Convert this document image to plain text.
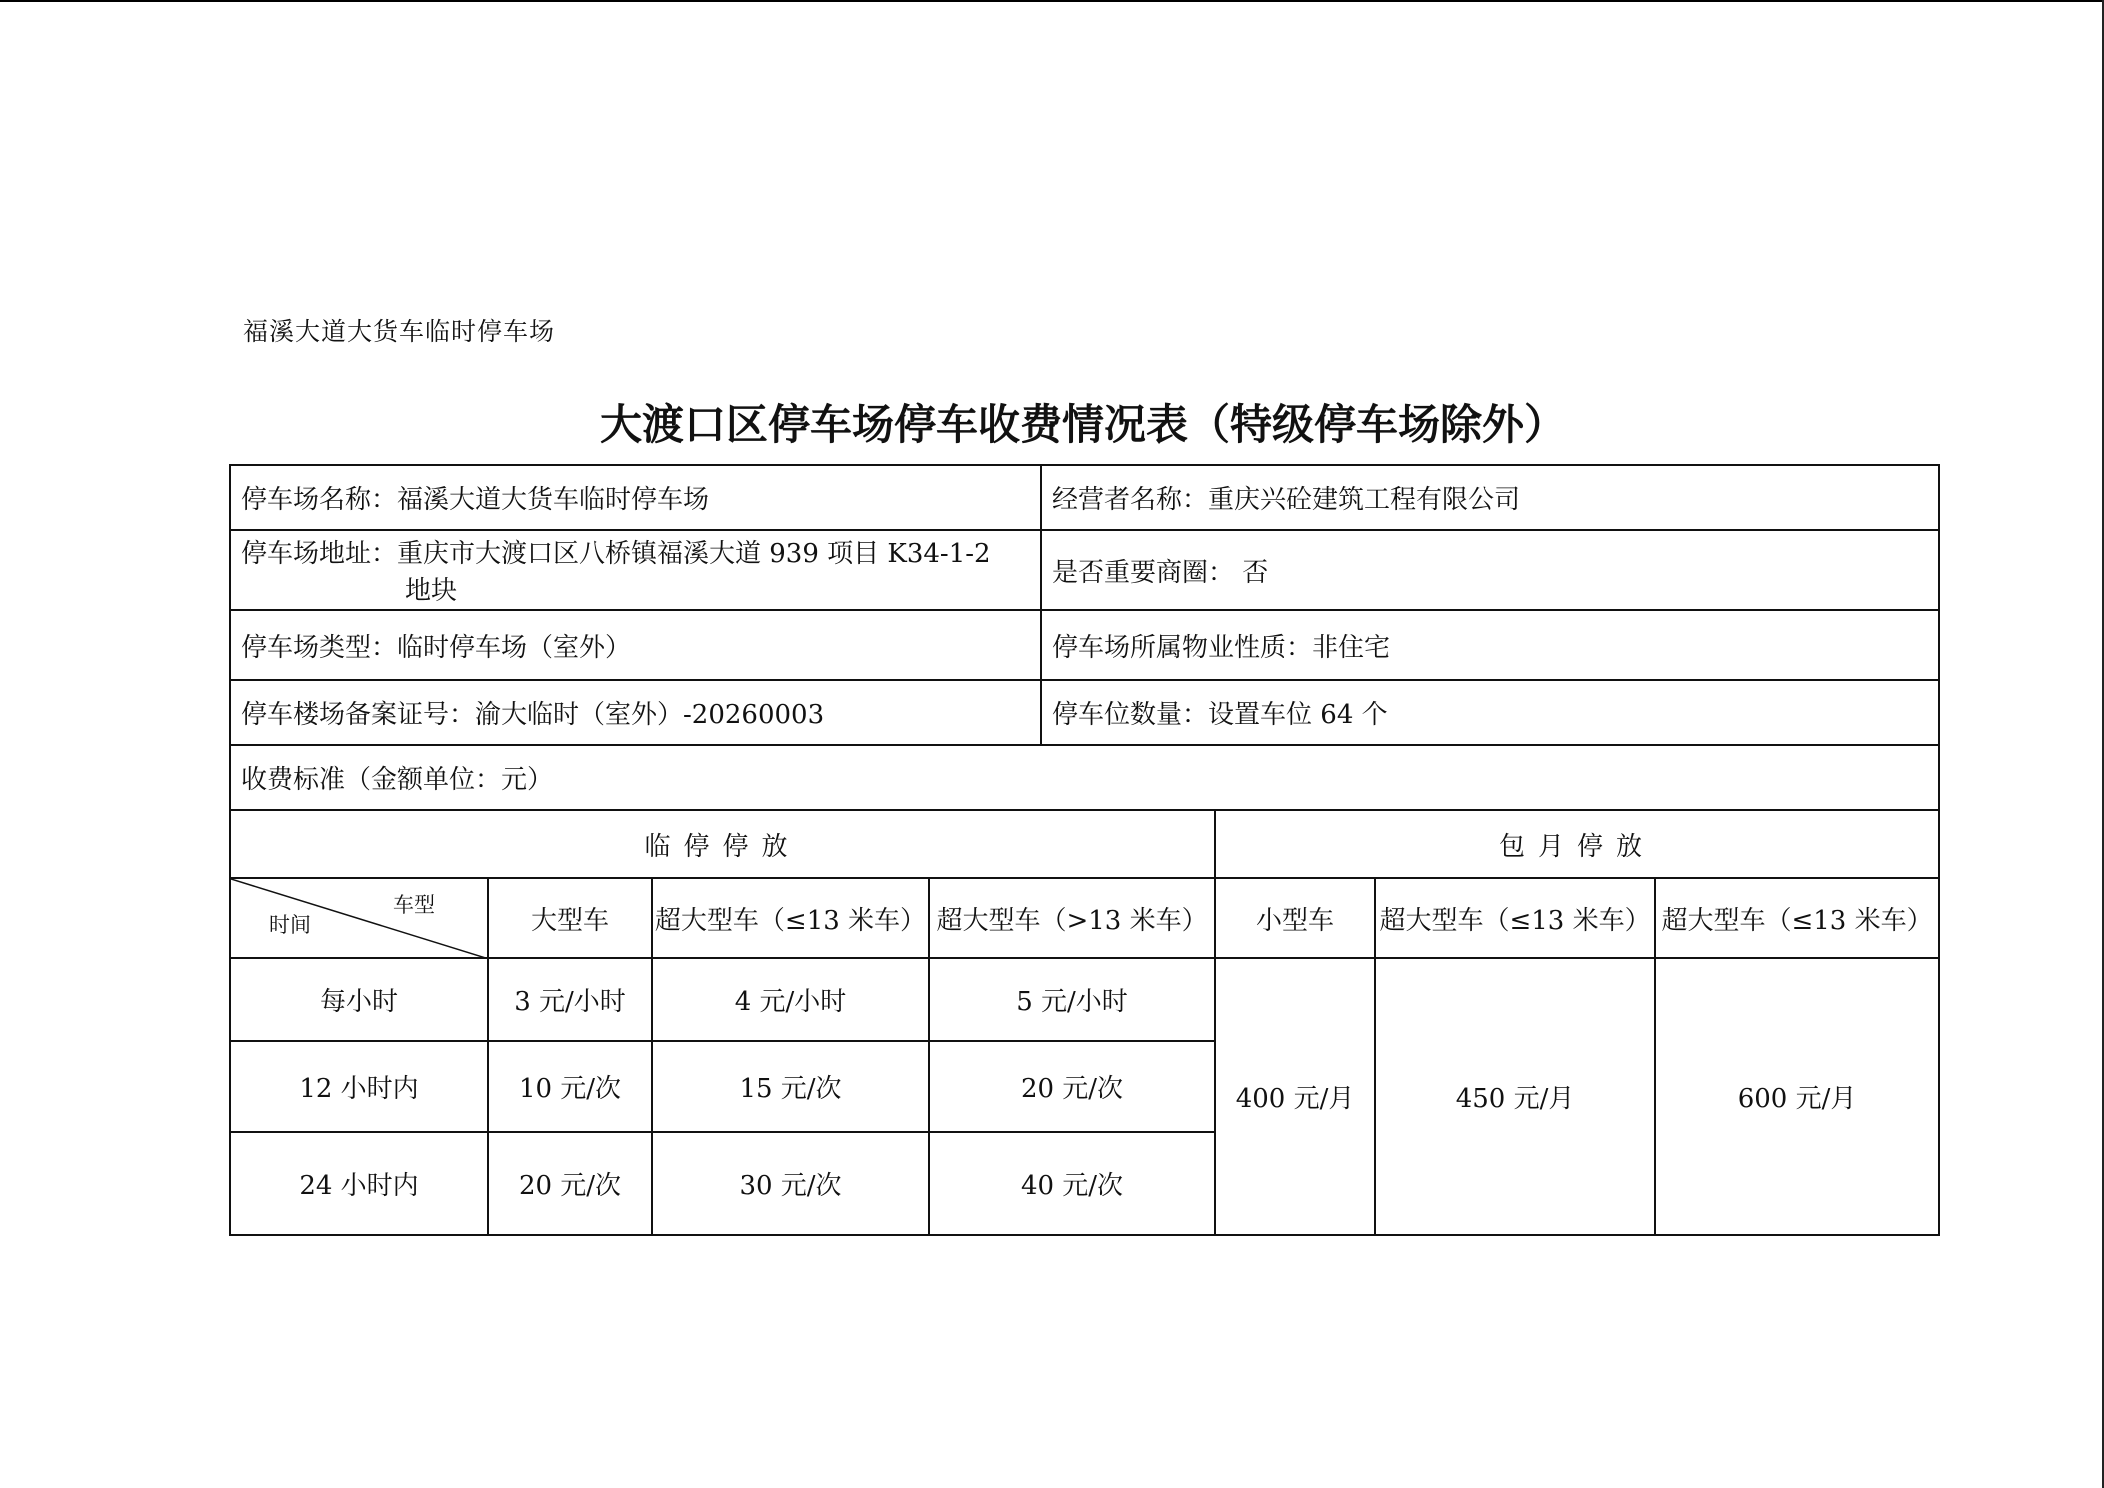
福溪大道大货车临时停车场
大渡口区停车场停车收费情况表（特级停车场除外）
停车场名称：福溪大道大货车临时停车场				经营者名称：重庆兴砼建筑工程有限公司			
停车场地址：重庆市大渡口区八桥镇福溪大道 939 项目 K34-1-2
地块				是否重要商圈： 否			
停车场类型：临时停车场（室外）				停车场所属物业性质：非住宅			
停车楼场备案证号：渝大临时（室外）-20260003				停车位数量：设置车位 64 个			
收费标准（金额单位：元）							
临停停放					包月停放		

车型
时间	大型车	超大型车（≤13 米车）	超大型车（>13 米车）		小型车	超大型车（≤13 米车）	超大型车（≤13 米车）
每小时	3 元/小时	4 元/小时	5 元/小时		400 元/月	450 元/月	600 元/月
12 小时内	10 元/次	15 元/次	20 元/次				
24 小时内	20 元/次	30 元/次	40 元/次				
